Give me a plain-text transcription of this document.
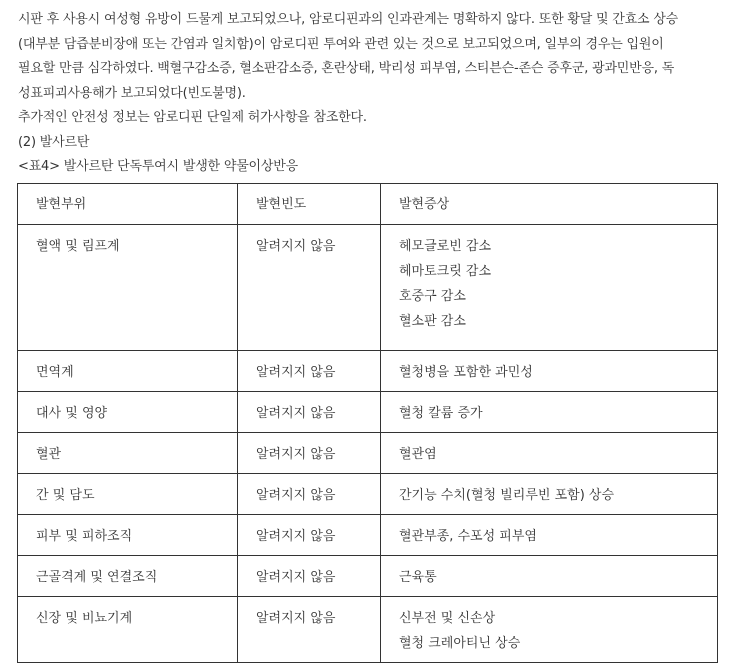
시판 후 사용시 여성형 유방이 드물게 보고되었으나, 암로디핀과의 인과관계는 명확하지 않다. 또한 황달 및 간효소 상승
(대부분 담즙분비장애 또는 간염과 일치함)이 암로디핀 투여와 관련 있는 것으로 보고되었으며, 일부의 경우는 입원이
필요할 만큼 심각하였다. 백혈구감소증, 혈소판감소증, 혼란상태, 박리성 피부염, 스티븐슨-존슨 증후군, 광과민반응, 독
성표피괴사용해가 보고되었다(빈도불명).
추가적인 안전성 정보는 암로디핀 단일제 허가사항을 참조한다.
(2) 발사르탄
<표4> 발사르탄 단독투여시 발생한 약물이상반응
발현부위	발현빈도	발현증상
혈액 및 림프계	알려지지 않음	헤모글로빈 감소
헤마토크릿 감소
호중구 감소
혈소판 감소

면역계	알려지지 않음	혈청병을 포함한 과민성

대사 및 영양	알려지지 않음	혈청 칼륨 증가

혈관	알려지지 않음	혈관염

간 및 담도	알려지지 않음	간기능 수치(혈청 빌리루빈 포함) 상승

피부 및 피하조직	알려지지 않음	혈관부종, 수포성 피부염

근골격계 및 연결조직	알려지지 않음	근육통

신장 및 비뇨기계	알려지지 않음	신부전 및 신손상
혈청 크레아티닌 상승
